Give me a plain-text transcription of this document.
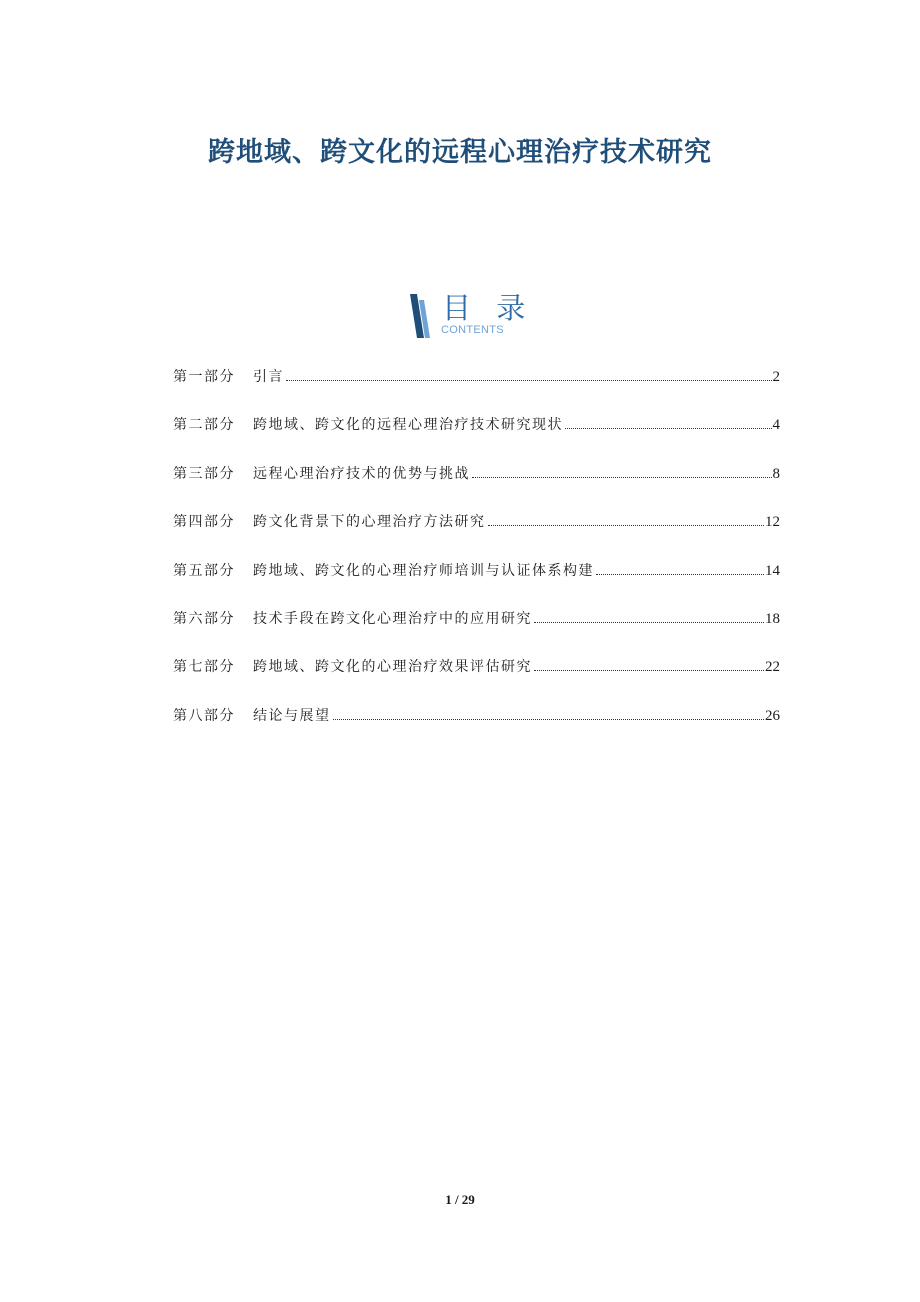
跨地域、跨文化的远程心理治疗技术研究
目 录
CONTENTS
第一部分	引言	2
第二部分	跨地域、跨文化的远程心理治疗技术研究现状	4
第三部分	远程心理治疗技术的优势与挑战	8
第四部分	跨文化背景下的心理治疗方法研究	12
第五部分	跨地域、跨文化的心理治疗师培训与认证体系构建	14
第六部分	技术手段在跨文化心理治疗中的应用研究	18
第七部分	跨地域、跨文化的心理治疗效果评估研究	22
第八部分	结论与展望	26
1 / 29
